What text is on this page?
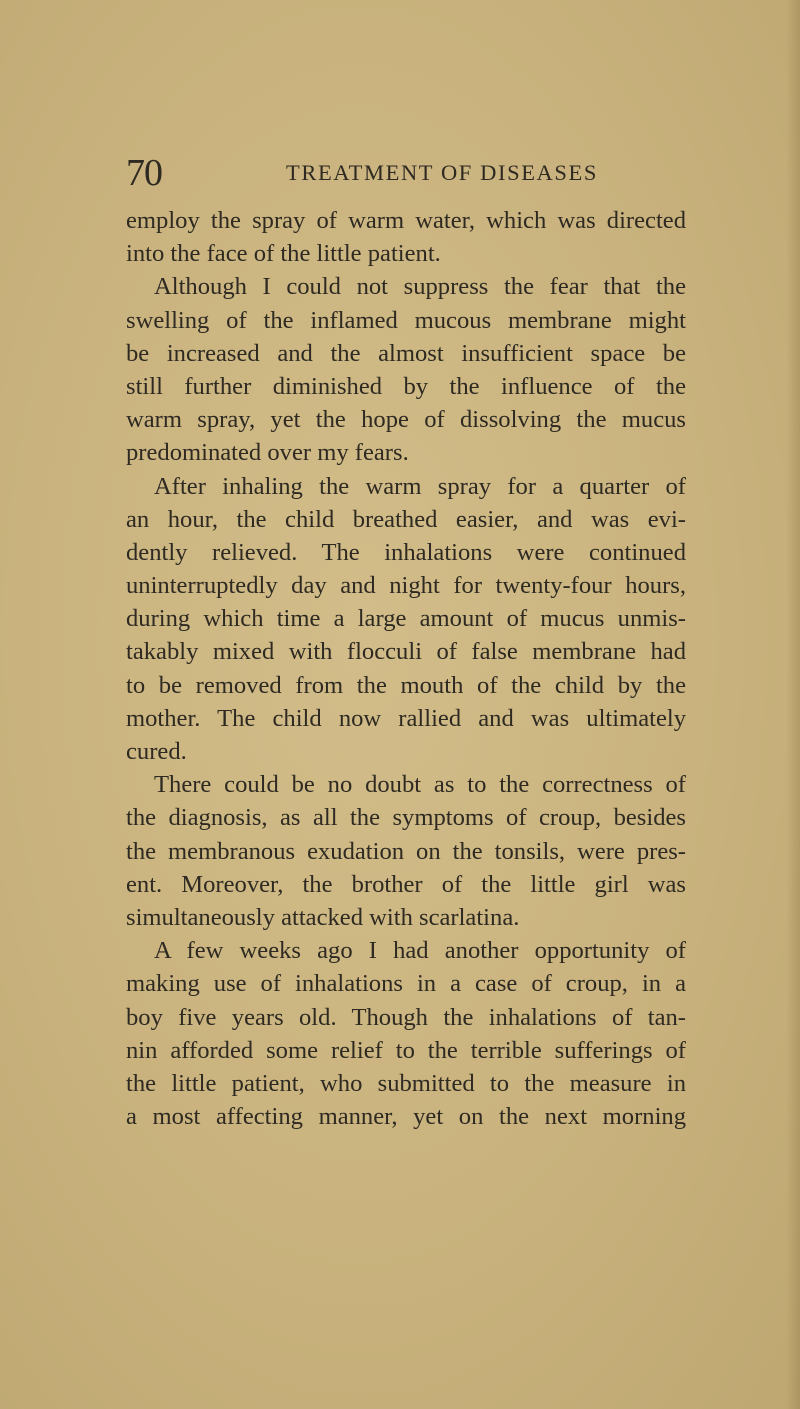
70	TREATMENT OF DISEASES
employ the spray of warm water, which was directed
into the face of the little patient.
Although I could not suppress the fear that the
swelling of the inflamed mucous membrane might
be increased and the almost insufficient space be
still further diminished by the influence of the
warm spray, yet the hope of dissolving the mucus
predominated over my fears.
After inhaling the warm spray for a quarter of
an hour, the child breathed easier, and was evi-
dently relieved. The inhalations were continued
uninterruptedly day and night for twenty-four hours,
during which time a large amount of mucus unmis-
takably mixed with flocculi of false membrane had
to be removed from the mouth of the child by the
mother. The child now rallied and was ultimately
cured.
There could be no doubt as to the correctness of
the diagnosis, as all the symptoms of croup, besides
the membranous exudation on the tonsils, were pres-
ent. Moreover, the brother of the little girl was
simultaneously attacked with scarlatina.
A few weeks ago I had another opportunity of
making use of inhalations in a case of croup, in a
boy five years old. Though the inhalations of tan-
nin afforded some relief to the terrible sufferings of
the little patient, who submitted to the measure in
a most affecting manner, yet on the next morning
